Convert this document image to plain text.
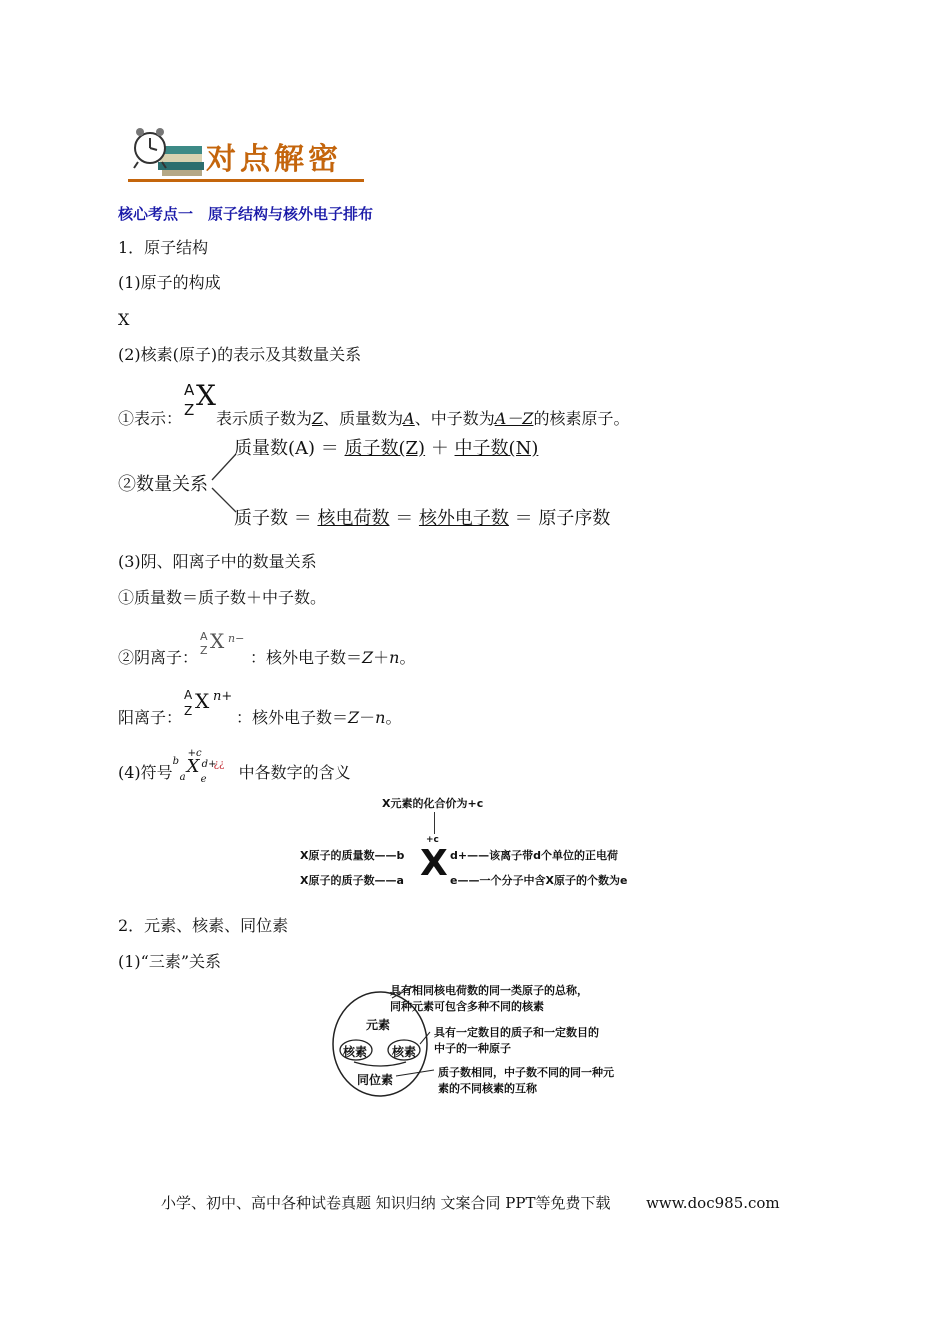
对点解密
核心考点一　原子结构与核外电子排布
1．原子结构
(1)原子的构成
X
(2)核素(原子)的表示及其数量关系
①表示：
A
Z X
表示质子数为Z、质量数为A、中子数为A－Z的核素原子。
②数量关系
质量数(A) ＝ 质子数(Z) ＋ 中子数(N)
质子数 ＝ 核电荷数 ＝ 核外电子数 ＝ 原子序数
(3)阴、阳离子中的数量关系
①质量数＝质子数＋中子数。
②阴离子：
A
Z X n−
：核外电子数＝Z＋n。
阳离子：
A
Z X n+
：核外电子数＝Z－n。
(4)符号
b
+c
a
X d+
¿¿
e 中各数字的含义
X元素的化合价为+c
X原子的质量数——b
X原子的质子数——a
+c
X d+——该离子带d个单位的正电荷
e——一个分子中含X原子的个数为e
2．元素、核素、同位素
(1)“三素”关系
元素
核素 核素
同位素
具有相同核电荷数的同一类原子的总称，
同种元素可包含多种不同的核素
具有一定数目的质子和一定数目的
中子的一种原子
质子数相同，中子数不同的同一种元
素的不同核素的互称
小学、初中、高中各种试卷真题 知识归纳 文案合同 PPT等免费下载 www.doc985.com
